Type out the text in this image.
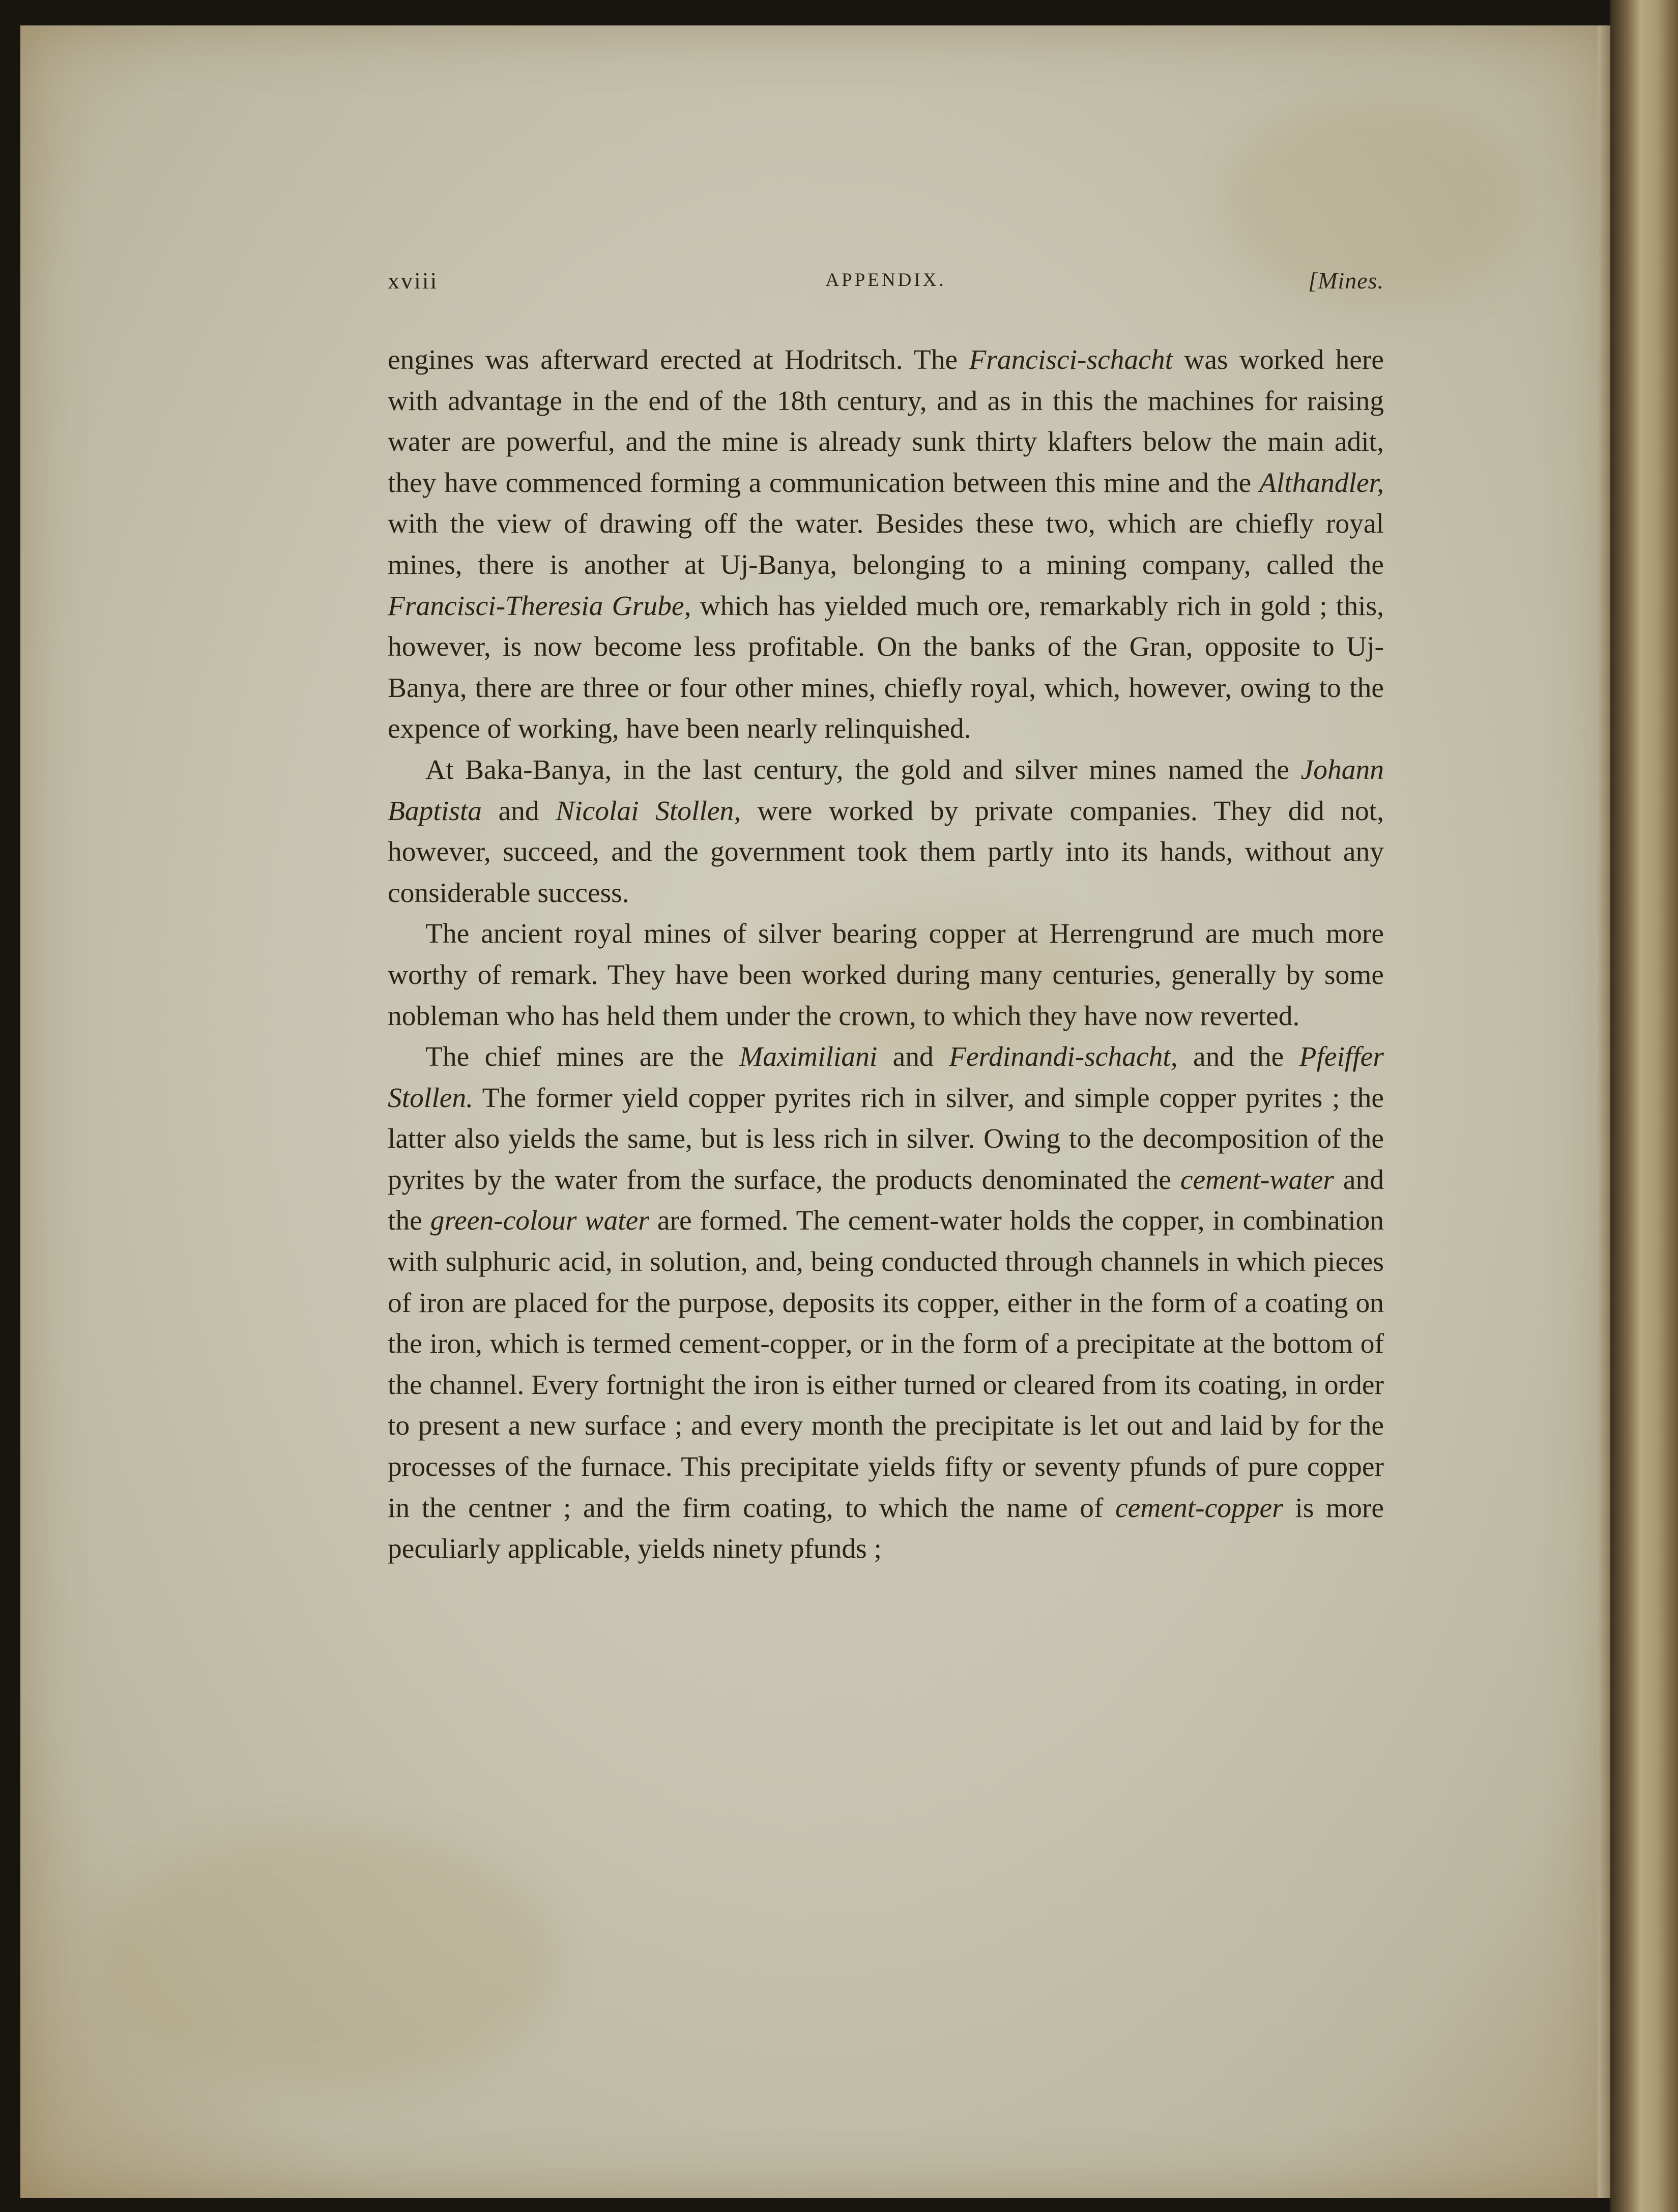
xviii	APPENDIX.	[Mines.

engines was afterward erected at Hodritsch. The Francisci-schacht was worked here with advantage in the end of the 18th century, and as in this the machines for raising water are powerful, and the mine is already sunk thirty klafters below the main adit, they have commenced forming a communication between this mine and the Althandler, with the view of drawing off the water. Besides these two, which are chiefly royal mines, there is another at Uj-Banya, belonging to a mining company, called the Francisci-Theresia Grube, which has yielded much ore, remarkably rich in gold ; this, however, is now become less profitable. On the banks of the Gran, opposite to Uj-Banya, there are three or four other mines, chiefly royal, which, however, owing to the expence of working, have been nearly relinquished.

At Baka-Banya, in the last century, the gold and silver mines named the Johann Baptista and Nicolai Stollen, were worked by private companies. They did not, however, succeed, and the government took them partly into its hands, without any considerable success.

The ancient royal mines of silver bearing copper at Herrengrund are much more worthy of remark. They have been worked during many centuries, generally by some nobleman who has held them under the crown, to which they have now reverted.

The chief mines are the Maximiliani and Ferdinandi-schacht, and the Pfeiffer Stollen. The former yield copper pyrites rich in silver, and simple copper pyrites ; the latter also yields the same, but is less rich in silver. Owing to the decomposition of the pyrites by the water from the surface, the products denominated the cement-water and the green-colour water are formed. The cement-water holds the copper, in combination with sulphuric acid, in solution, and, being conducted through channels in which pieces of iron are placed for the purpose, deposits its copper, either in the form of a coating on the iron, which is termed cement-copper, or in the form of a precipitate at the bottom of the channel. Every fortnight the iron is either turned or cleared from its coating, in order to present a new surface ; and every month the precipitate is let out and laid by for the processes of the furnace. This precipitate yields fifty or seventy pfunds of pure copper in the centner ; and the firm coating, to which the name of cement-copper is more peculiarly applicable, yields ninety pfunds ;
